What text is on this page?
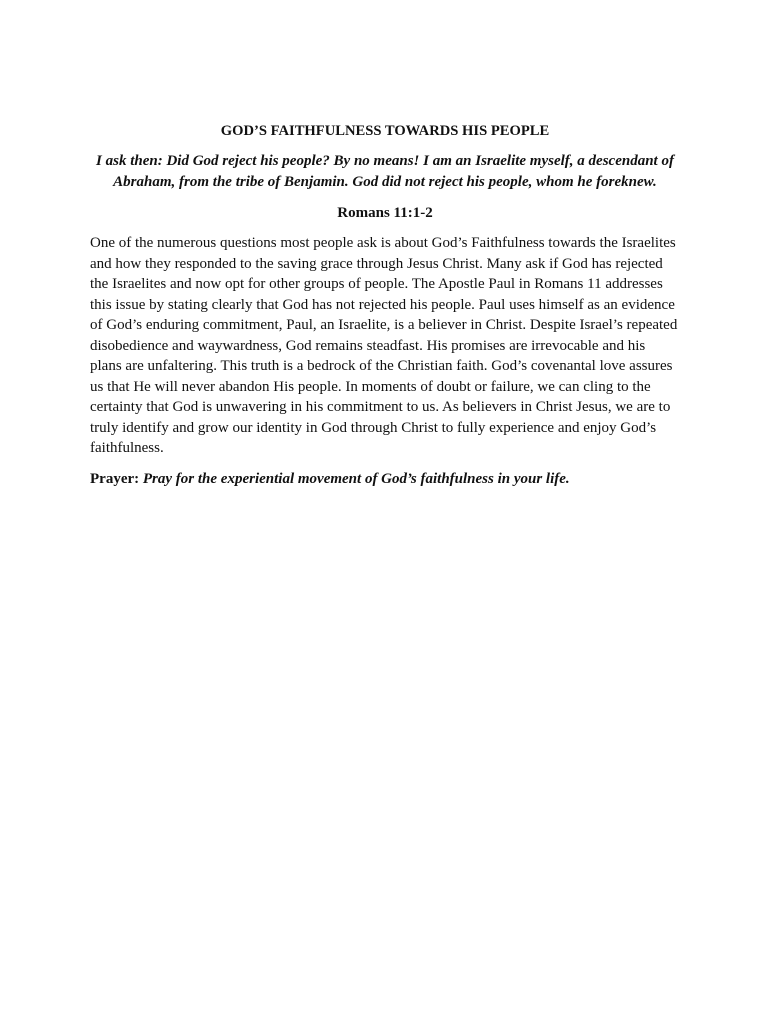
GOD’S FAITHFULNESS TOWARDS HIS PEOPLE

I ask then: Did God reject his people? By no means! I am an Israelite myself, a descendant of Abraham, from the tribe of Benjamin. God did not reject his people, whom he foreknew.

Romans 11:1-2

One of the numerous questions most people ask is about God’s Faithfulness towards the Israelites and how they responded to the saving grace through Jesus Christ. Many ask if God has rejected the Israelites and now opt for other groups of people. The Apostle Paul in Romans 11 addresses this issue by stating clearly that God has not rejected his people. Paul uses himself as an evidence of God’s enduring commitment, Paul, an Israelite, is a believer in Christ. Despite Israel’s repeated disobedience and waywardness, God remains steadfast. His promises are irrevocable and his plans are unfaltering. This truth is a bedrock of the Christian faith. God’s covenantal love assures us that He will never abandon His people. In moments of doubt or failure, we can cling to the certainty that God is unwavering in his commitment to us. As believers in Christ Jesus, we are to truly identify and grow our identity in God through Christ to fully experience and enjoy God’s faithfulness.

Prayer: Pray for the experiential movement of God’s faithfulness in your life.
